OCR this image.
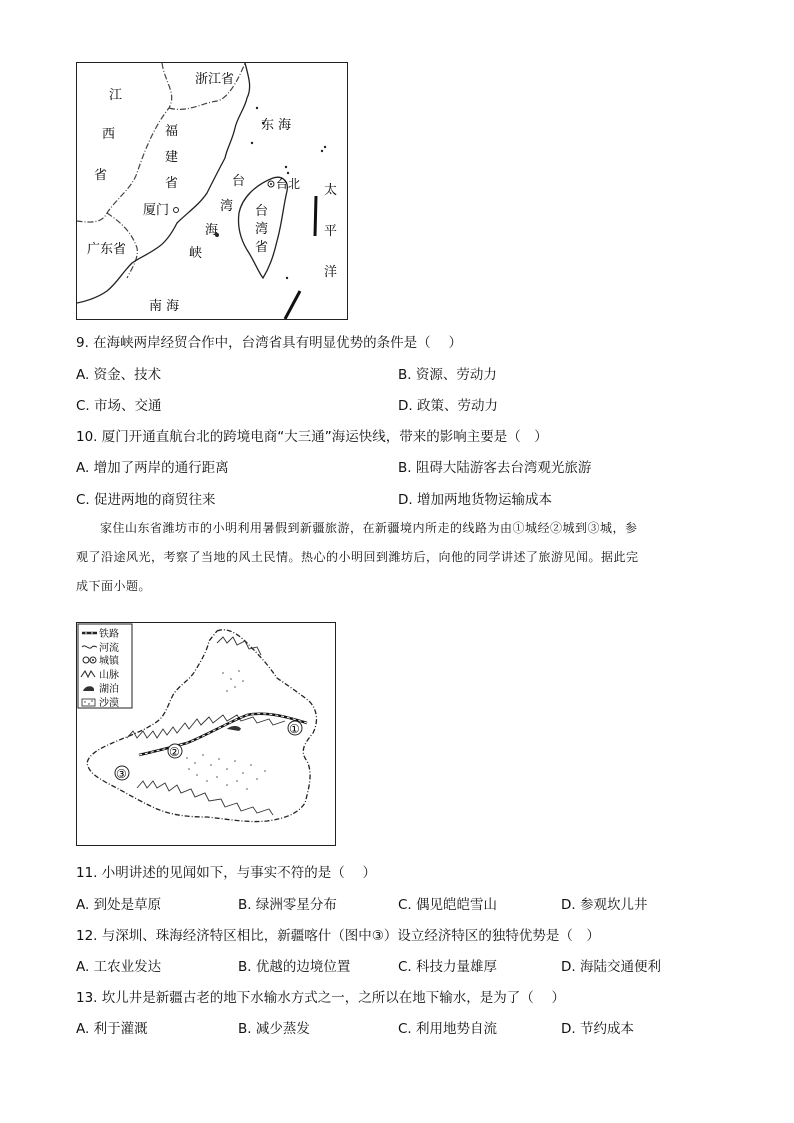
浙江省
江
西
省
福
建
省
厦门
广东省
东 海
台
湾
海
峡
台北
台
湾
省
太
平
洋
南 海
9. 在海峡两岸经贸合作中，台湾省具有明显优势的条件是（　 ）
A. 资金、技术	B. 资源、劳动力
C. 市场、交通	D. 政策、劳动力
10. 厦门开通直航台北的跨境电商“大三通”海运快线，带来的影响主要是（　）
A. 增加了两岸的通行距离	B. 阻碍大陆游客去台湾观光旅游
C. 促进两地的商贸往来	D. 增加两地货物运输成本
家住山东省潍坊市的小明利用暑假到新疆旅游，在新疆境内所走的线路为由①城经②城到③城，参
观了沿途风光，考察了当地的风土民情。热心的小明回到潍坊后，向他的同学讲述了旅游见闻。据此完
成下面小题。
铁路
河流
城镇
山脉
湖泊
沙漠
①
②
③
11. 小明讲述的见闻如下，与事实不符的是（　 ）
A. 到处是草原	B. 绿洲零星分布	C. 偶见皑皑雪山	D. 参观坎儿井
12. 与深圳、珠海经济特区相比，新疆喀什（图中③）设立经济特区的独特优势是（　）
A. 工农业发达	B. 优越的边境位置	C. 科技力量雄厚	D. 海陆交通便利
13. 坎儿井是新疆古老的地下水输水方式之一，之所以在地下输水，是为了（　 ）
A. 利于灌溉	B. 减少蒸发	C. 利用地势自流	D. 节约成本
